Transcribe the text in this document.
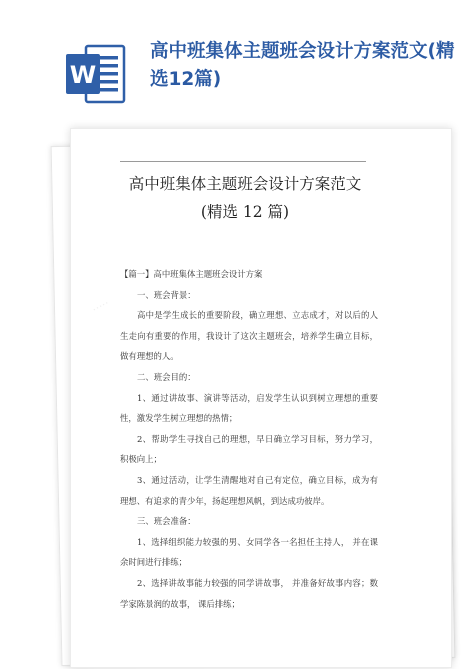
W
高中班集体主题班会设计方案范文(精选12篇)
高中班集体主题班会设计方案范文
(精选 12 篇)

【篇一】高中班集体主题班会设计方案

一、班会背景：

高中是学生成长的重要阶段，确立理想、立志成才，对以后的人

生走向有重要的作用，我设计了这次主题班会，培养学生确立目标，

做有理想的人。

二、班会目的：

1、通过讲故事、演讲等活动，启发学生认识到树立理想的重要

性，激发学生树立理想的热情；

2、帮助学生寻找自己的理想，早日确立学习目标，努力学习，

积极向上；

3、通过活动，让学生清醒地对自己有定位，确立目标，成为有

理想、有追求的青少年，扬起理想风帆，到达成功彼岸。

三、班会准备：

1、选择组织能力较强的男、女同学各一名担任主持人， 并在课

余时间进行排练；

2、选择讲故事能力较强的同学讲故事， 并准备好故事内容；数

学家陈景润的故事， 课后排练；
